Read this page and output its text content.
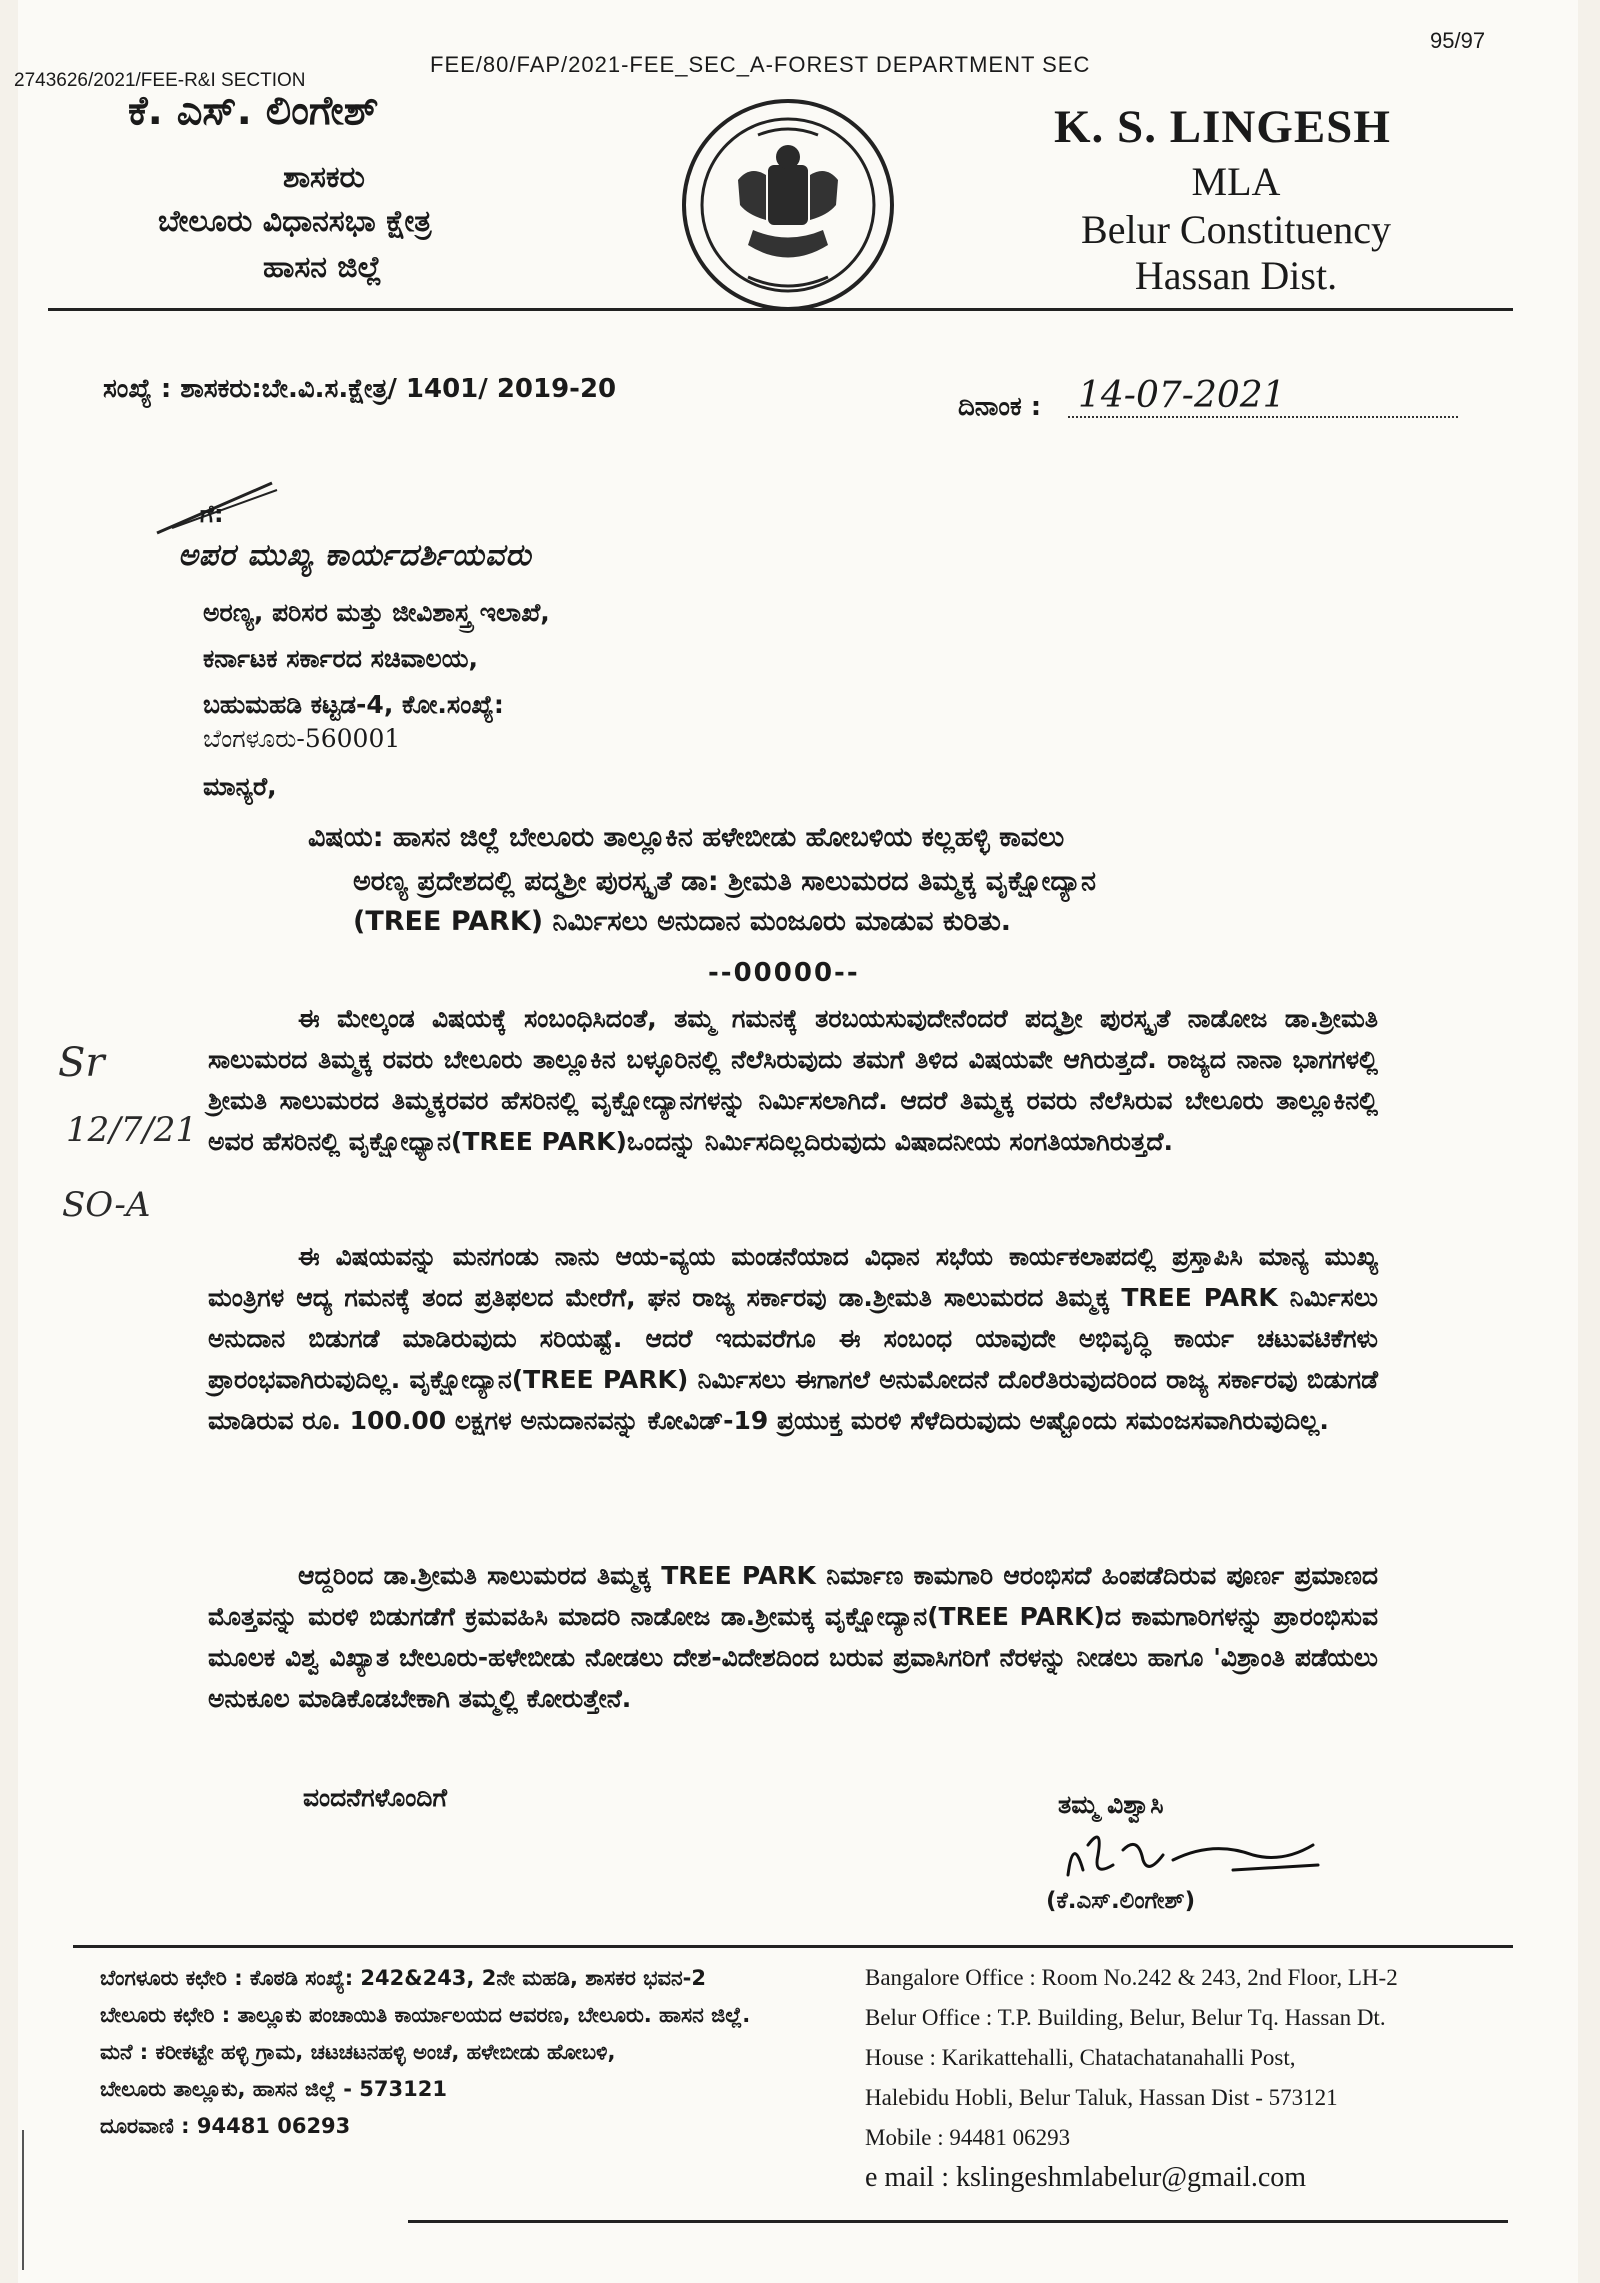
FEE/80/FAP/2021-FEE_SEC_A-FOREST DEPARTMENT SEC
2743626/2021/FEE-R&I SECTION
95/97
ಕೆ. ಎಸ್. ಲಿಂಗೇಶ್
ಶಾಸಕರು
ಬೇಲೂರು ವಿಧಾನಸಭಾ ಕ್ಷೇತ್ರ
ಹಾಸನ ಜಿಲ್ಲೆ
K. S. LINGESH
MLA
Belur Constituency
Hassan Dist.
ಸಂಖ್ಯೆ : ಶಾಸಕರು:ಬೇ.ವಿ.ಸ.ಕ್ಷೇತ್ರ/ 1401/ 2019-20
ದಿನಾಂಕ : 14-07-2021
ಗೆ:
ಅಪರ ಮುಖ್ಯ ಕಾರ್ಯದರ್ಶಿಯವರು
ಅರಣ್ಯ, ಪರಿಸರ ಮತ್ತು ಜೀವಿಶಾಸ್ತ್ರ ಇಲಾಖೆ,
ಕರ್ನಾಟಕ ಸರ್ಕಾರದ ಸಚಿವಾಲಯ,
ಬಹುಮಹಡಿ ಕಟ್ಟಡ-4, ಕೋ.ಸಂಖ್ಯೆ:
ಬೆಂಗಳೂರು-560001
ಮಾನ್ಯರೆ,
ವಿಷಯ: ಹಾಸನ ಜಿಲ್ಲೆ ಬೇಲೂರು ತಾಲ್ಲೂಕಿನ ಹಳೇಬೀಡು ಹೋಬಳಿಯ ಕಲ್ಲಹಳ್ಳಿ ಕಾವಲು
ಅರಣ್ಯ ಪ್ರದೇಶದಲ್ಲಿ ಪದ್ಮಶ್ರೀ ಪುರಸ್ಕೃತೆ ಡಾ: ಶ್ರೀಮತಿ ಸಾಲುಮರದ ತಿಮ್ಮಕ್ಕ ವೃಕ್ಷೋದ್ಯಾನ
(TREE PARK) ನಿರ್ಮಿಸಲು ಅನುದಾನ ಮಂಜೂರು ಮಾಡುವ ಕುರಿತು.
--00000--

ಈ ಮೇಲ್ಕಂಡ ವಿಷಯಕ್ಕೆ ಸಂಬಂಧಿಸಿದಂತೆ, ತಮ್ಮ ಗಮನಕ್ಕೆ ತರಬಯಸುವುದೇನೆಂದರೆ ಪದ್ಮಶ್ರೀ ಪುರಸ್ಕೃತೆ ನಾಡೋಜ ಡಾ.ಶ್ರೀಮತಿ ಸಾಲುಮರದ ತಿಮ್ಮಕ್ಕ ರವರು ಬೇಲೂರು ತಾಲ್ಲೂಕಿನ ಬಳ್ಳೂರಿನಲ್ಲಿ ನೆಲೆಸಿರುವುದು ತಮಗೆ ತಿಳಿದ ವಿಷಯವೇ ಆಗಿರುತ್ತದೆ. ರಾಜ್ಯದ ನಾನಾ ಭಾಗಗಳಲ್ಲಿ ಶ್ರೀಮತಿ ಸಾಲುಮರದ ತಿಮ್ಮಕ್ಕರವರ ಹೆಸರಿನಲ್ಲಿ ವೃಕ್ಷೋದ್ಯಾನಗಳನ್ನು ನಿರ್ಮಿಸಲಾಗಿದೆ. ಆದರೆ ತಿಮ್ಮಕ್ಕ ರವರು ನೆಲೆಸಿರುವ ಬೇಲೂರು ತಾಲ್ಲೂಕಿನಲ್ಲಿ ಅವರ ಹೆಸರಿನಲ್ಲಿ ವೃಕ್ಷೋಧ್ಯಾನ(TREE PARK)ಒಂದನ್ನು ನಿರ್ಮಿಸದಿಲ್ಲದಿರುವುದು ವಿಷಾದನೀಯ ಸಂಗತಿಯಾಗಿರುತ್ತದೆ.

ಈ ವಿಷಯವನ್ನು ಮನಗಂಡು ನಾನು ಆಯ-ವ್ಯಯ ಮಂಡನೆಯಾದ ವಿಧಾನ ಸಭೆಯ ಕಾರ್ಯಕಲಾಪದಲ್ಲಿ ಪ್ರಸ್ತಾಪಿಸಿ ಮಾನ್ಯ ಮುಖ್ಯ ಮಂತ್ರಿಗಳ ಆದ್ಯ ಗಮನಕ್ಕೆ ತಂದ ಪ್ರತಿಫಲದ ಮೇರೆಗೆ, ಘನ ರಾಜ್ಯ ಸರ್ಕಾರವು ಡಾ.ಶ್ರೀಮತಿ ಸಾಲುಮರದ ತಿಮ್ಮಕ್ಕ TREE PARK ನಿರ್ಮಿಸಲು ಅನುದಾನ ಬಿಡುಗಡೆ ಮಾಡಿರುವುದು ಸರಿಯಷ್ಟೆ. ಆದರೆ ಇದುವರೆಗೂ ಈ ಸಂಬಂಧ ಯಾವುದೇ ಅಭಿವೃದ್ಧಿ ಕಾರ್ಯ ಚಟುವಟಿಕೆಗಳು ಪ್ರಾರಂಭವಾಗಿರುವುದಿಲ್ಲ. ವೃಕ್ಷೋದ್ಯಾನ(TREE PARK) ನಿರ್ಮಿಸಲು ಈಗಾಗಲೆ ಅನುಮೋದನೆ ದೊರೆತಿರುವುದರಿಂದ ರಾಜ್ಯ ಸರ್ಕಾರವು ಬಿಡುಗಡೆ ಮಾಡಿರುವ ರೂ. 100.00 ಲಕ್ಷಗಳ ಅನುದಾನವನ್ನು ಕೋವಿಡ್-19 ಪ್ರಯುಕ್ತ ಮರಳಿ ಸೆಳೆದಿರುವುದು ಅಷ್ಟೊಂದು ಸಮಂಜಸವಾಗಿರುವುದಿಲ್ಲ.

ಆದ್ದರಿಂದ ಡಾ.ಶ್ರೀಮತಿ ಸಾಲುಮರದ ತಿಮ್ಮಕ್ಕ TREE PARK ನಿರ್ಮಾಣ ಕಾಮಗಾರಿ ಆರಂಭಿಸದೆ ಹಿಂಪಡೆದಿರುವ ಪೂರ್ಣ ಪ್ರಮಾಣದ ಮೊತ್ತವನ್ನು ಮರಳಿ ಬಿಡುಗಡೆಗೆ ಕ್ರಮವಹಿಸಿ ಮಾದರಿ ನಾಡೋಜ ಡಾ.ಶ್ರೀಮಕ್ಕ ವೃಕ್ಷೋದ್ಯಾನ(TREE PARK)ದ ಕಾಮಗಾರಿಗಳನ್ನು ಪ್ರಾರಂಭಿಸುವ ಮೂಲಕ ವಿಶ್ವ ವಿಖ್ಯಾತ ಬೇಲೂರು-ಹಳೇಬೀಡು ನೋಡಲು ದೇಶ-ವಿದೇಶದಿಂದ ಬರುವ ಪ್ರವಾಸಿಗರಿಗೆ ನೆರಳನ್ನು ನೀಡಲು ಹಾಗೂ 'ವಿಶ್ರಾಂತಿ ಪಡೆಯಲು ಅನುಕೂಲ ಮಾಡಿಕೊಡಬೇಕಾಗಿ ತಮ್ಮಲ್ಲಿ ಕೋರುತ್ತೇನೆ.

Sr
12/7/21
SO-A
ವಂದನೆಗಳೊಂದಿಗೆ	ತಮ್ಮ ವಿಶ್ವಾಸಿ
(ಕೆ.ಎಸ್.ಲಿಂಗೇಶ್)
ಬೆಂಗಳೂರು ಕಛೇರಿ : ಕೊಠಡಿ ಸಂಖ್ಯೆ: 242&243, 2ನೇ ಮಹಡಿ, ಶಾಸಕರ ಭವನ-2
ಬೇಲೂರು ಕಛೇರಿ : ತಾಲ್ಲೂಕು ಪಂಚಾಯಿತಿ ಕಾರ್ಯಾಲಯದ ಆವರಣ, ಬೇಲೂರು. ಹಾಸನ ಜಿಲ್ಲೆ.
ಮನೆ : ಕರೀಕಟ್ಟೇ ಹಳ್ಳಿ ಗ್ರಾಮ, ಚಟಚಟನಹಳ್ಳಿ ಅಂಚೆ, ಹಳೇಬೀಡು ಹೋಬಳಿ,
ಬೇಲೂರು ತಾಲ್ಲೂಕು, ಹಾಸನ ಜಿಲ್ಲೆ - 573121
ದೂರವಾಣಿ : 94481 06293
Bangalore Office : Room No.242 & 243, 2nd Floor, LH-2
Belur Office : T.P. Building, Belur, Belur Tq. Hassan Dt.
House : Karikattehalli, Chatachatanahalli Post,
Halebidu Hobli, Belur Taluk, Hassan Dist - 573121
Mobile : 94481 06293
e mail : kslingeshmlabelur@gmail.com
